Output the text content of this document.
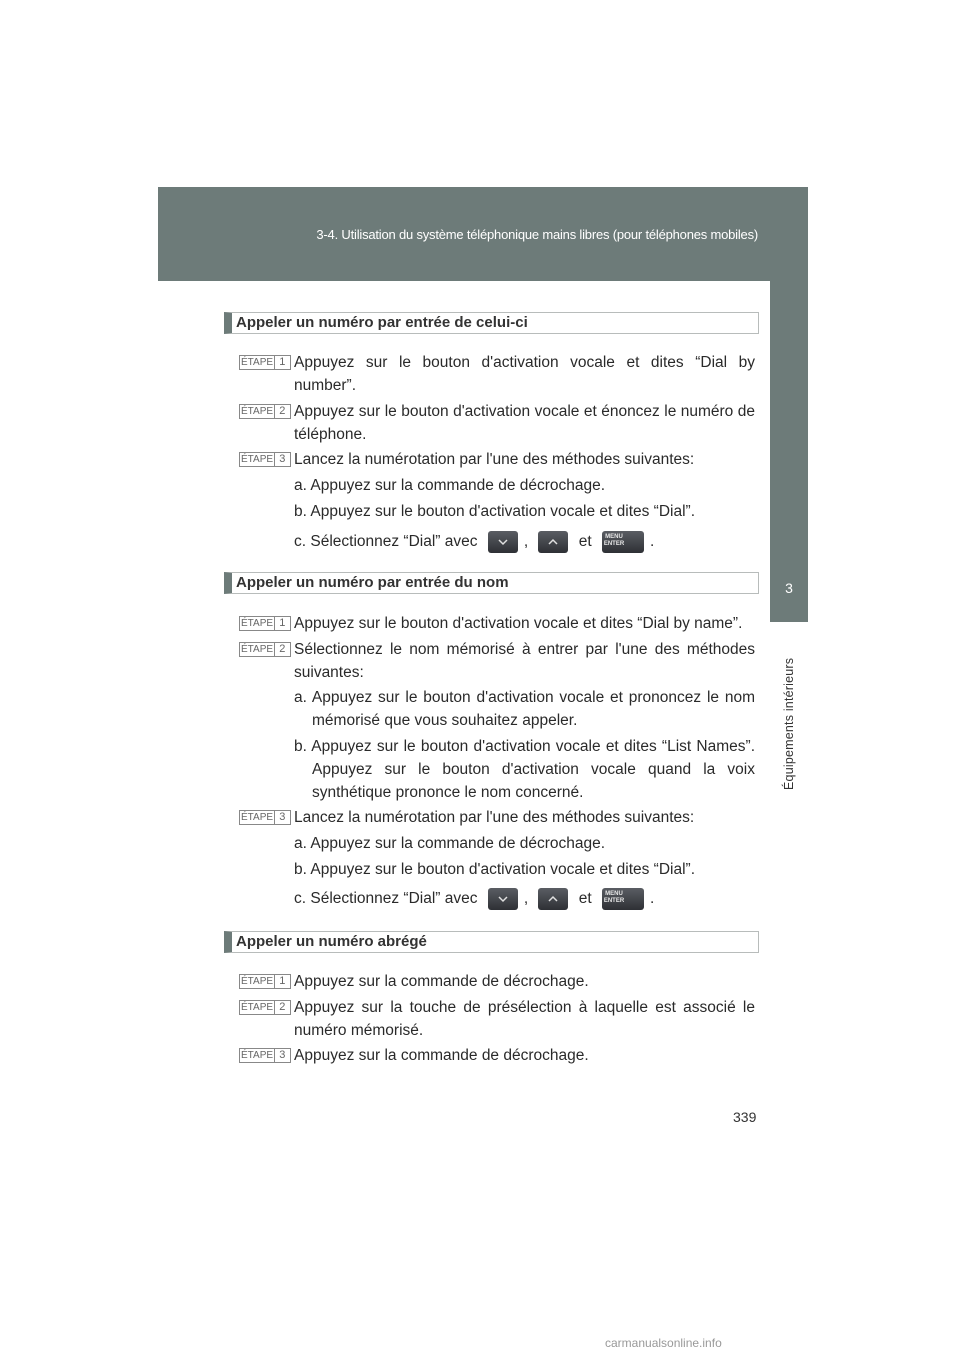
3-4. Utilisation du système téléphonique mains libres (pour téléphones mobiles)
3
Équipements intérieurs
Appeler un numéro par entrée de celui-ci
ÉTAPE 1 Appuyez sur le bouton d'activation vocale et dites “Dial by number”.
ÉTAPE 2 Appuyez sur le bouton d'activation vocale et énoncez le numéro de téléphone.
ÉTAPE 3 Lancez la numérotation par l'une des méthodes suivantes:
a. Appuyez sur la commande de décrochage.
b. Appuyez sur le bouton d'activation vocale et dites “Dial”.
c. Sélectionnez “Dial” avec	,	et MENU
ENTER	.
Appeler un numéro par entrée du nom
ÉTAPE 1 Appuyez sur le bouton d'activation vocale et dites “Dial by name”.
ÉTAPE 2 Sélectionnez le nom mémorisé à entrer par l'une des méthodes suivantes:
a. Appuyez sur le bouton d'activation vocale et prononcez le nom mémorisé que vous souhaitez appeler.
b. Appuyez sur le bouton d'activation vocale et dites “List Names”. Appuyez sur le bouton d'activation vocale quand la voix synthétique prononce le nom concerné.
ÉTAPE 3 Lancez la numérotation par l'une des méthodes suivantes:
a. Appuyez sur la commande de décrochage.
b. Appuyez sur le bouton d'activation vocale et dites “Dial”.
c. Sélectionnez “Dial” avec	,	et MENU
ENTER	.
Appeler un numéro abrégé
ÉTAPE 1 Appuyez sur la commande de décrochage.
ÉTAPE 2 Appuyez sur la touche de présélection à laquelle est associé le numéro mémorisé.
ÉTAPE 3 Appuyez sur la commande de décrochage.
339
carmanualsonline.info
